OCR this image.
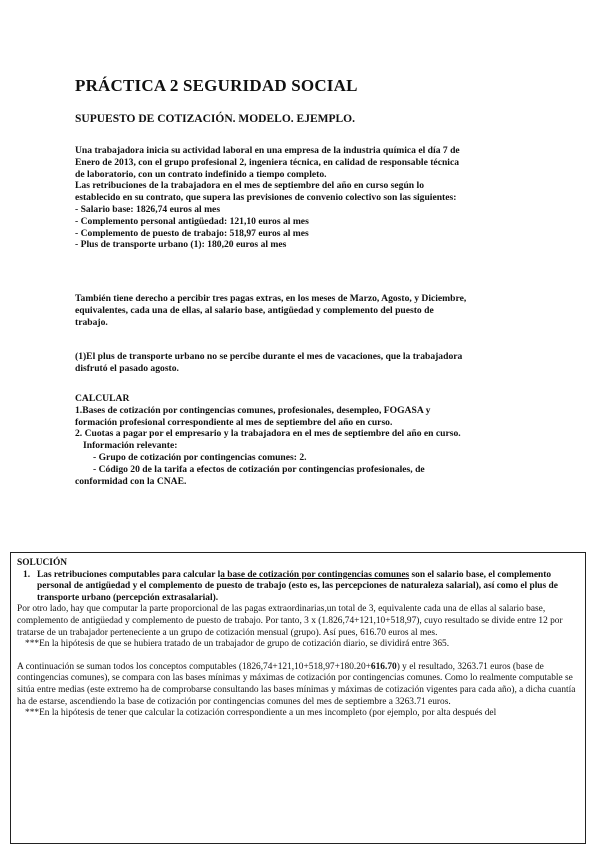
PRÁCTICA 2 SEGURIDAD SOCIAL
SUPUESTO DE COTIZACIÓN. MODELO. EJEMPLO.
Una trabajadora inicia su actividad laboral en una empresa de la industria química el día 7 de
Enero de 2013, con el grupo profesional 2, ingeniera técnica, en calidad de responsable técnica
de laboratorio, con un contrato indefinido a tiempo completo.
Las retribuciones de la trabajadora en el mes de septiembre del año en curso según lo
establecido en su contrato, que supera las previsiones de convenio colectivo son las siguientes:
- Salario base: 1826,74 euros al mes
- Complemento personal antigüedad: 121,10 euros al mes
- Complemento de puesto de trabajo: 518,97 euros al mes
- Plus de transporte urbano (1): 180,20 euros al mes
También tiene derecho a percibir tres pagas extras, en los meses de Marzo, Agosto, y Diciembre,
equivalentes, cada una de ellas, al salario base, antigüedad y complemento del puesto de
trabajo.
(1)El plus de transporte urbano no se percibe durante el mes de vacaciones, que la trabajadora
disfrutó el pasado agosto.
CALCULAR
1.Bases de cotización por contingencias comunes, profesionales, desempleo, FOGASA y
formación profesional correspondiente al mes de septiembre del año en curso.
2. Cuotas a pagar por el empresario y la trabajadora en el mes de septiembre del año en curso.
Información relevante:
- Grupo de cotización por contingencias comunes: 2.
- Código 20 de la tarifa a efectos de cotización por contingencias profesionales, de
conformidad con la CNAE.
SOLUCIÓN

1. Las retribuciones computables para calcular la base de cotización por contingencias comunes son el salario base, el complemento personal de antigüedad y el complemento de puesto de trabajo (esto es, las percepciones de naturaleza salarial), así como el plus de transporte urbano (percepción extrasalarial).

Por otro lado, hay que computar la parte proporcional de las pagas extraordinarias,un total de 3, equivalente cada una de ellas al salario base, complemento de antigüedad y complemento de puesto de trabajo. Por tanto, 3 x (1.826,74+121,10+518,97), cuyo resultado se divide entre 12 por tratarse de un trabajador perteneciente a un grupo de cotización mensual (grupo). Así pues, 616.70 euros al mes.

***En la hipótesis de que se hubiera tratado de un trabajador de grupo de cotización diario, se dividirá entre 365.

A continuación se suman todos los conceptos computables (1826,74+121,10+518,97+180.20+616.70) y el resultado, 3263.71 euros (base de contingencias comunes), se compara con las bases mínimas y máximas de cotización por contingencias comunes. Como lo realmente computable se sitúa entre medias (este extremo ha de comprobarse consultando las bases mínimas y máximas de cotización vigentes para cada año), a dicha cuantía ha de estarse, ascendiendo la base de cotización por contingencias comunes del mes de septiembre a 3263.71 euros.

***En la hipótesis de tener que calcular la cotización correspondiente a un mes incompleto (por ejemplo, por alta después del
